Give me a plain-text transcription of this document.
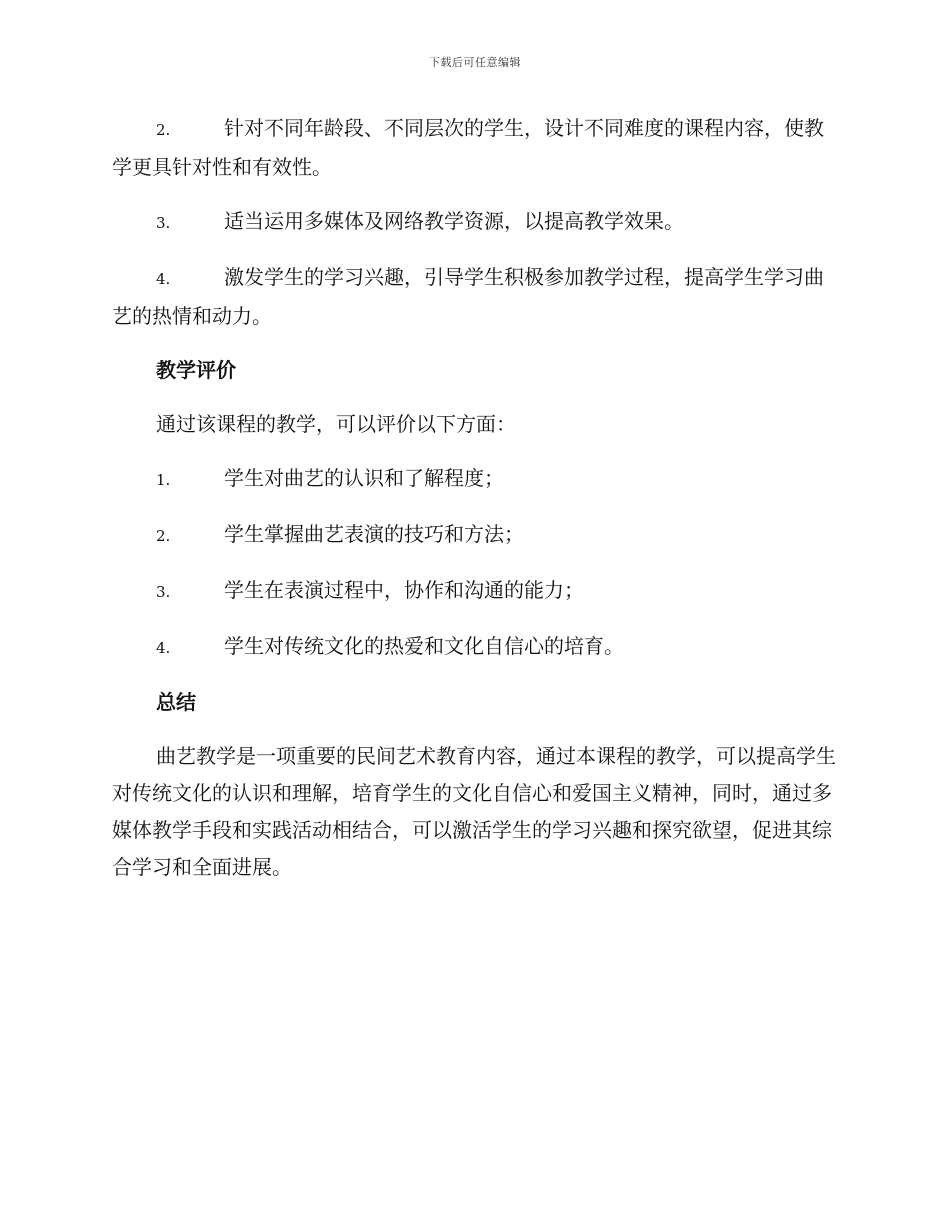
下载后可任意编辑

2.	针对不同年龄段、不同层次的学生，设计不同难度的课程内容，使教学更具针对性和有效性。

3.	适当运用多媒体及网络教学资源，以提高教学效果。

4.	激发学生的学习兴趣，引导学生积极参加教学过程，提高学生学习曲艺的热情和动力。

教学评价

通过该课程的教学，可以评价以下方面：

1.	学生对曲艺的认识和了解程度；

2.	学生掌握曲艺表演的技巧和方法；

3.	学生在表演过程中，协作和沟通的能力；

4.	学生对传统文化的热爱和文化自信心的培育。

总结

曲艺教学是一项重要的民间艺术教育内容，通过本课程的教学，可以提高学生对传统文化的认识和理解，培育学生的文化自信心和爱国主义精神，同时，通过多媒体教学手段和实践活动相结合，可以激活学生的学习兴趣和探究欲望，促进其综合学习和全面进展。
